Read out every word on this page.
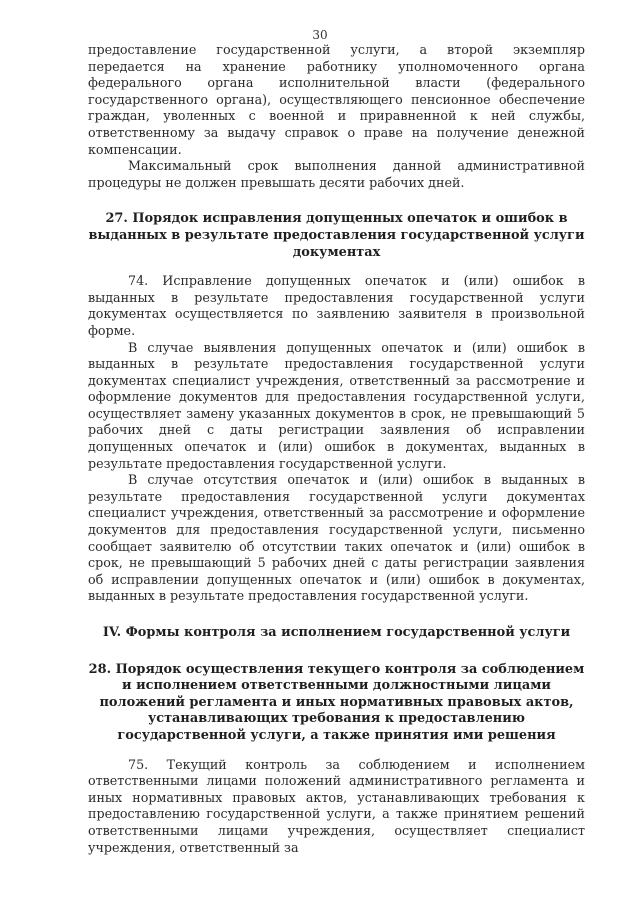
30

предоставление государственной услуги, а второй экземпляр передается на хранение работнику уполномоченного органа федерального органа исполнительной власти (федерального государственного органа), осуществляющего пенсионное обеспечение граждан, уволенных с военной и приравненной к ней службы, ответственному за выдачу справок о праве на получение денежной компенсации.

Максимальный срок выполнения данной административной процедуры не должен превышать десяти рабочих дней.

27. Порядок исправления допущенных опечаток и ошибок в выданных в результате предоставления государственной услуги документах

74. Исправление допущенных опечаток и (или) ошибок в выданных в результате предоставления государственной услуги документах осуществляется по заявлению заявителя в произвольной форме.

В случае выявления допущенных опечаток и (или) ошибок в выданных в результате предоставления государственной услуги документах специалист учреждения, ответственный за рассмотрение и оформление документов для предоставления государственной услуги, осуществляет замену указанных документов в срок, не превышающий 5 рабочих дней с даты регистрации заявления об исправлении допущенных опечаток и (или) ошибок в документах, выданных в результате предоставления государственной услуги.

В случае отсутствия опечаток и (или) ошибок в выданных в результате предоставления государственной услуги документах специалист учреждения, ответственный за рассмотрение и оформление документов для предоставления государственной услуги, письменно сообщает заявителю об отсутствии таких опечаток и (или) ошибок в срок, не превышающий 5 рабочих дней с даты регистрации заявления об исправлении допущенных опечаток и (или) ошибок в документах, выданных в результате предоставления государственной услуги.

IV. Формы контроля за исполнением государственной услуги

28. Порядок осуществления текущего контроля за соблюдением и исполнением ответственными должностными лицами положений регламента и иных нормативных правовых актов, устанавливающих требования к предоставлению государственной услуги, а также принятия ими решения

75. Текущий контроль за соблюдением и исполнением ответственными лицами положений административного регламента и иных нормативных правовых актов, устанавливающих требования к предоставлению государственной услуги, а также принятием решений ответственными лицами учреждения, осуществляет специалист учреждения, ответственный за
